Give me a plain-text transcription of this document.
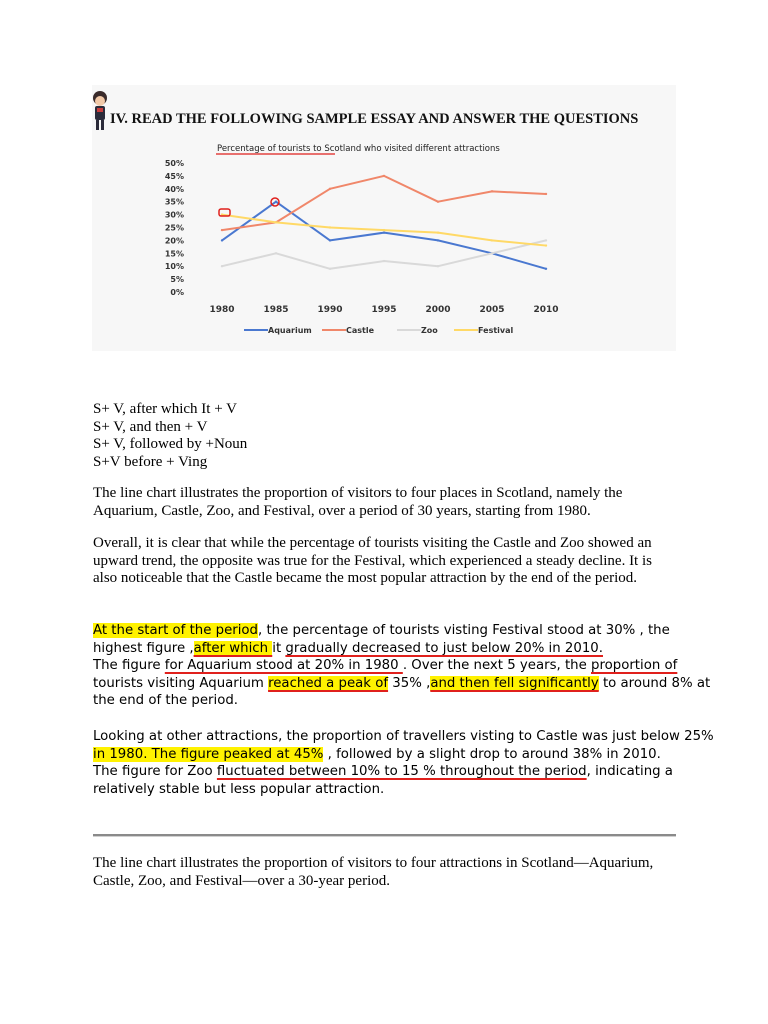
IV. READ THE FOLLOWING SAMPLE ESSAY AND ANSWER THE QUESTIONS
Percentage of tourists to Scotland who visited different attractions
50%
45%
40%
35%
30%
25%
20%
15%
10%
5%
0%
1980	1985	1990	1995	2000	2005	2010
Aquarium	Castle	Zoo	Festival
S+ V, after which It + V
S+ V, and then + V
S+ V, followed by +Noun
S+V before + Ving
The line chart illustrates the proportion of visitors to four places in Scotland, namely the
Aquarium, Castle, Zoo, and Festival, over a period of 30 years, starting from 1980.
Overall, it is clear that while the percentage of tourists visiting the Castle and Zoo showed an
upward trend, the opposite was true for the Festival, which experienced a steady decline. It is
also noticeable that the Castle became the most popular attraction by the end of the period.
At the start of the period, the percentage of tourists visting Festival stood at 30% , the
highest figure ,after which it gradually decreased to just below 20% in 2010.
The figure for Aquarium stood at 20% in 1980 . Over the next 5 years, the proportion of
tourists visiting Aquarium reached a peak of 35% ,and then fell significantly to around 8% at
the end of the period.
Looking at other attractions, the proportion of travellers visting to Castle was just below 25%
in 1980. The figure peaked at 45% , followed by a slight drop to around 38% in 2010.
The figure for Zoo fluctuated between 10% to 15 % throughout the period, indicating a
relatively stable but less popular attraction.
The line chart illustrates the proportion of visitors to four attractions in Scotland—Aquarium,
Castle, Zoo, and Festival—over a 30-year period.
